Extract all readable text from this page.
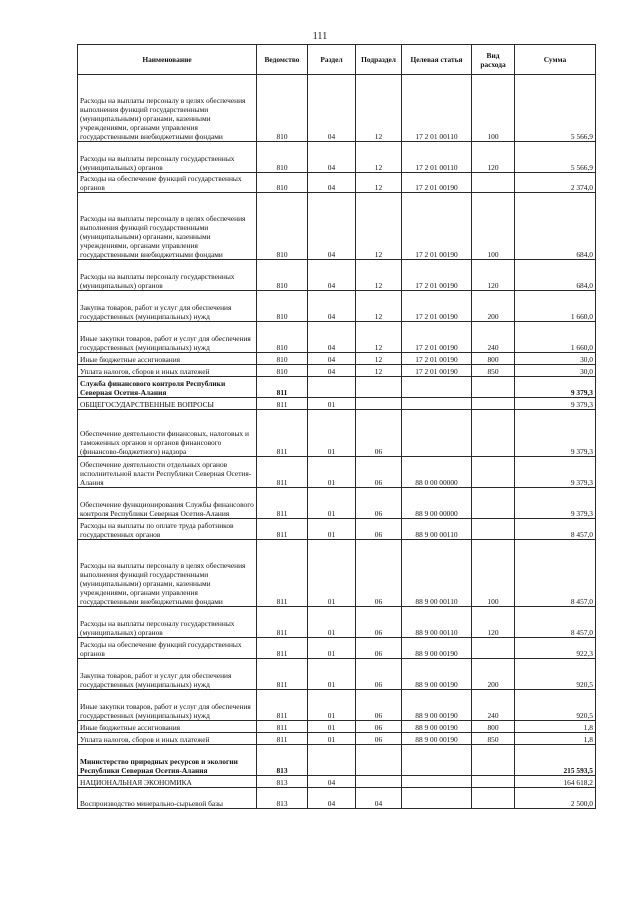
111
Наименование	Ведомство	Раздел	Подраздел	Целевая статья	Вид расхода	Сумма
Расходы на выплаты персоналу в целях обеспечения выполнения функций государственными (муниципальными) органами, казенными учреждениями, органами управления государственными внебюджетными фондами	810	04	12	17 2 01 00110	100	5 566,9
Расходы на выплаты персоналу государственных (муниципальных) органов	810	04	12	17 2 01 00110	120	5 566,9
Расходы на обеспечение функций государственных органов	810	04	12	17 2 01 00190		2 374,0
Расходы на выплаты персоналу в целях обеспечения выполнения функций государственными (муниципальными) органами, казенными учреждениями, органами управления государственными внебюджетными фондами	810	04	12	17 2 01 00190	100	684,0
Расходы на выплаты персоналу государственных (муниципальных) органов	810	04	12	17 2 01 00190	120	684,0
Закупка товаров, работ и услуг для обеспечения государственных (муниципальных) нужд	810	04	12	17 2 01 00190	200	1 660,0
Иные закупки товаров, работ и услуг для обеспечения государственных (муниципальных) нужд	810	04	12	17 2 01 00190	240	1 660,0
Иные бюджетные ассигнования	810	04	12	17 2 01 00190	800	30,0
Уплата налогов, сборов и иных платежей	810	04	12	17 2 01 00190	850	30,0
Служба финансового контроля Республики Северная Осетия-Алания	811					9 379,3
ОБЩЕГОСУДАРСТВЕННЫЕ ВОПРОСЫ	811	01				9 379,3
Обеспечение деятельности финансовых, налоговых и таможенных органов и органов финансового (финансово-бюджетного) надзора	811	01	06			9 379,3
Обеспечение деятельности отдельных органов исполнительной власти Республики Северная Осетия-Алания	811	01	06	88 0 00 00000		9 379,3
Обеспечение функционирования Службы финансового контроля Республики Северная Осетия-Алания	811	01	06	88 9 00 00000		9 379,3
Расходы на выплаты по оплате труда работников государственных органов	811	01	06	88 9 00 00110		8 457,0
Расходы на выплаты персоналу в целях обеспечения выполнения функций государственными (муниципальными) органами, казенными учреждениями, органами управления государственными внебюджетными фондами	811	01	06	88 9 00 00110	100	8 457,0
Расходы на выплаты персоналу государственных (муниципальных) органов	811	01	06	88 9 00 00110	120	8 457,0
Расходы на обеспечение функций государственных органов	811	01	06	88 9 00 00190		922,3
Закупка товаров, работ и услуг для обеспечения государственных (муниципальных) нужд	811	01	06	88 9 00 00190	200	920,5
Иные закупки товаров, работ и услуг для обеспечения государственных (муниципальных) нужд	811	01	06	88 9 00 00190	240	920,5
Иные бюджетные ассигнования	811	01	06	88 9 00 00190	800	1,8
Уплата налогов, сборов и иных платежей	811	01	06	88 9 00 00190	850	1,8
Министерство природных ресурсов и экологии Республики Северная Осетия-Алания	813					215 593,5
НАЦИОНАЛЬНАЯ ЭКОНОМИКА	813	04				164 618,2
Воспроизводство минерально-сырьевой базы	813	04	04			2 500,0
